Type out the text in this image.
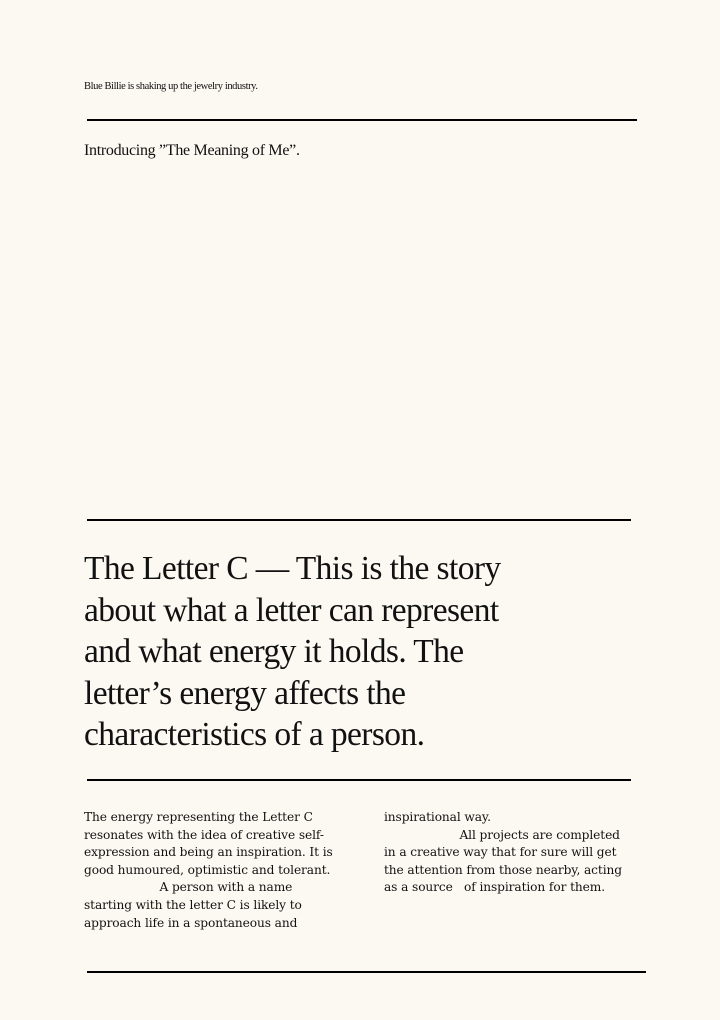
Blue Billie is shaking up the jewelry industry.
Introducing ”The Meaning of Me”.
The Letter C — This is the story
about what a letter can represent
and what energy it holds. The
letter’s energy affects the
characteristics of a person.
The energy representing the Letter C
resonates with the idea of creative self-
expression and being an inspiration. It is
good humoured, optimistic and tolerant.
A person with a name
starting with the letter C is likely to
approach life in a spontaneous and
inspirational way.
All projects are completed
in a creative way that for sure will get
the attention from those nearby, acting
as a source   of inspiration for them.
